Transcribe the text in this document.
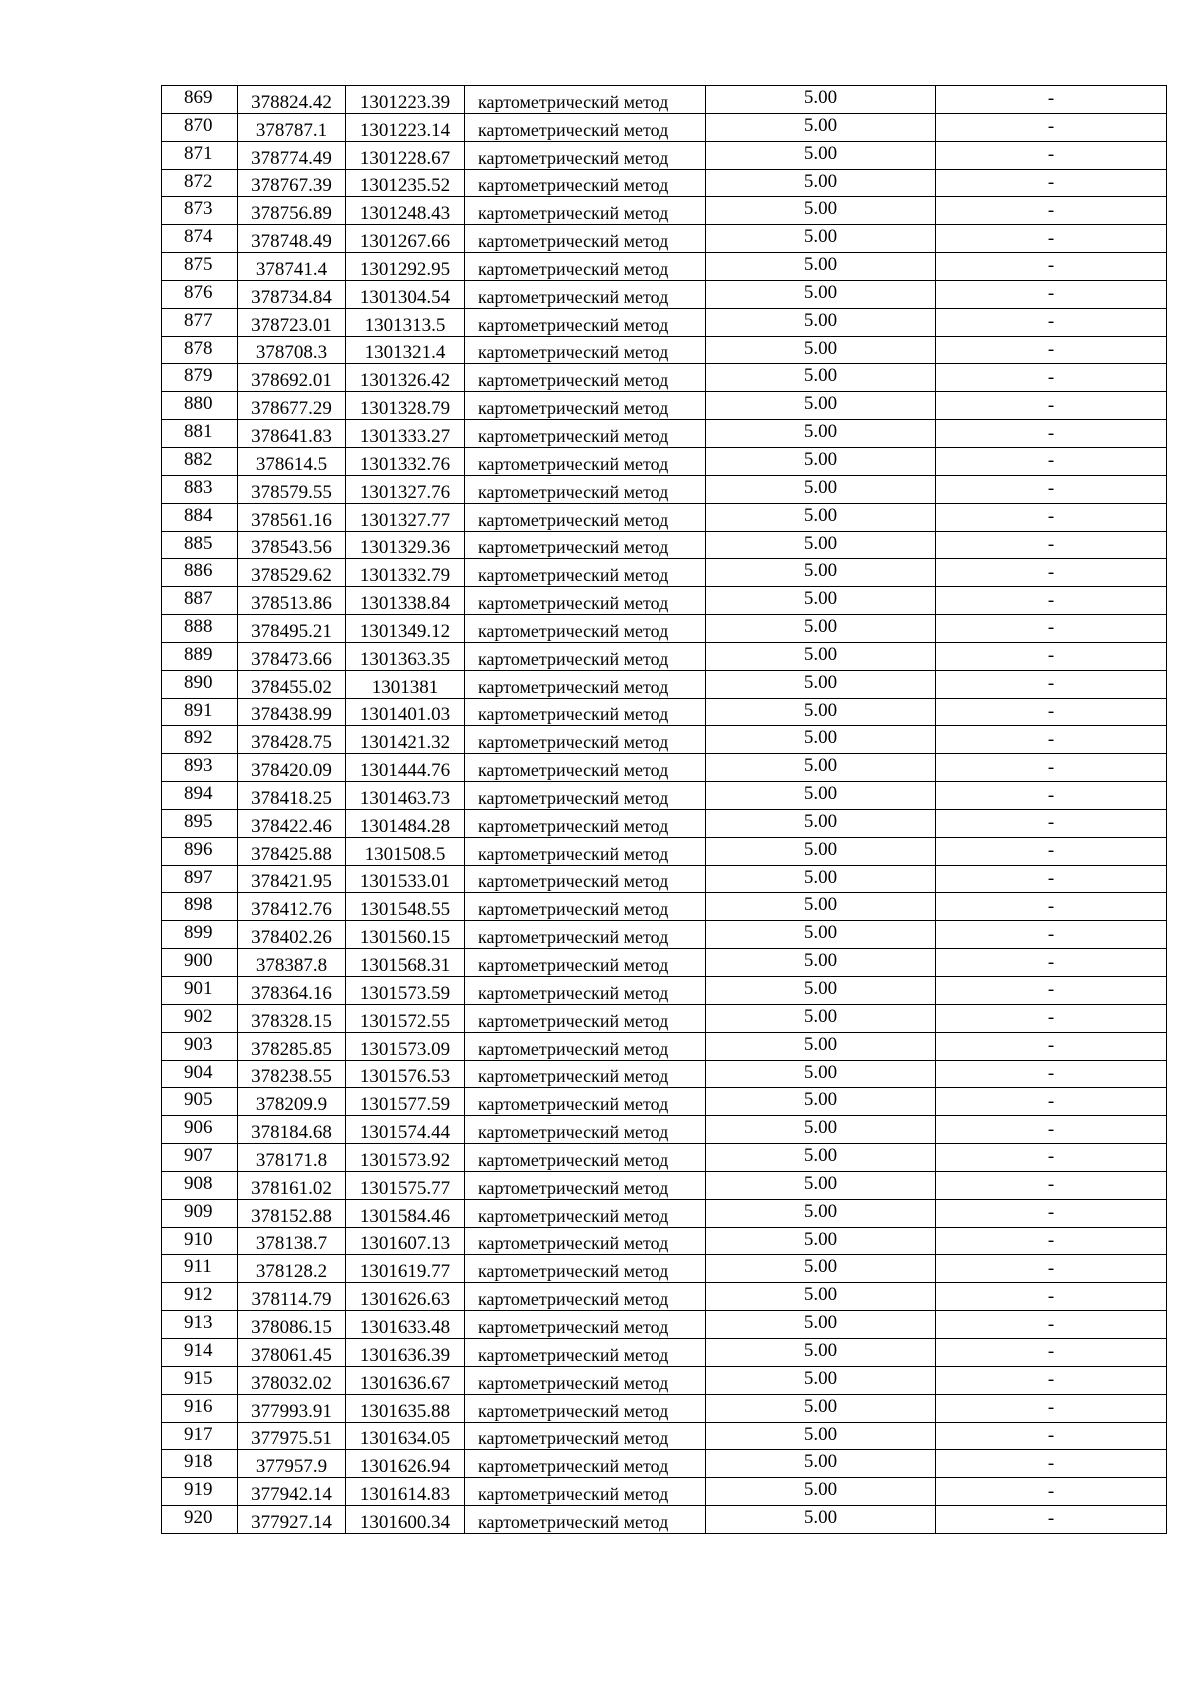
869	378824.42	1301223.39	картометрический метод	5.00	-
870	378787.1	1301223.14	картометрический метод	5.00	-
871	378774.49	1301228.67	картометрический метод	5.00	-
872	378767.39	1301235.52	картометрический метод	5.00	-
873	378756.89	1301248.43	картометрический метод	5.00	-
874	378748.49	1301267.66	картометрический метод	5.00	-
875	378741.4	1301292.95	картометрический метод	5.00	-
876	378734.84	1301304.54	картометрический метод	5.00	-
877	378723.01	1301313.5	картометрический метод	5.00	-
878	378708.3	1301321.4	картометрический метод	5.00	-
879	378692.01	1301326.42	картометрический метод	5.00	-
880	378677.29	1301328.79	картометрический метод	5.00	-
881	378641.83	1301333.27	картометрический метод	5.00	-
882	378614.5	1301332.76	картометрический метод	5.00	-
883	378579.55	1301327.76	картометрический метод	5.00	-
884	378561.16	1301327.77	картометрический метод	5.00	-
885	378543.56	1301329.36	картометрический метод	5.00	-
886	378529.62	1301332.79	картометрический метод	5.00	-
887	378513.86	1301338.84	картометрический метод	5.00	-
888	378495.21	1301349.12	картометрический метод	5.00	-
889	378473.66	1301363.35	картометрический метод	5.00	-
890	378455.02	1301381	картометрический метод	5.00	-
891	378438.99	1301401.03	картометрический метод	5.00	-
892	378428.75	1301421.32	картометрический метод	5.00	-
893	378420.09	1301444.76	картометрический метод	5.00	-
894	378418.25	1301463.73	картометрический метод	5.00	-
895	378422.46	1301484.28	картометрический метод	5.00	-
896	378425.88	1301508.5	картометрический метод	5.00	-
897	378421.95	1301533.01	картометрический метод	5.00	-
898	378412.76	1301548.55	картометрический метод	5.00	-
899	378402.26	1301560.15	картометрический метод	5.00	-
900	378387.8	1301568.31	картометрический метод	5.00	-
901	378364.16	1301573.59	картометрический метод	5.00	-
902	378328.15	1301572.55	картометрический метод	5.00	-
903	378285.85	1301573.09	картометрический метод	5.00	-
904	378238.55	1301576.53	картометрический метод	5.00	-
905	378209.9	1301577.59	картометрический метод	5.00	-
906	378184.68	1301574.44	картометрический метод	5.00	-
907	378171.8	1301573.92	картометрический метод	5.00	-
908	378161.02	1301575.77	картометрический метод	5.00	-
909	378152.88	1301584.46	картометрический метод	5.00	-
910	378138.7	1301607.13	картометрический метод	5.00	-
911	378128.2	1301619.77	картометрический метод	5.00	-
912	378114.79	1301626.63	картометрический метод	5.00	-
913	378086.15	1301633.48	картометрический метод	5.00	-
914	378061.45	1301636.39	картометрический метод	5.00	-
915	378032.02	1301636.67	картометрический метод	5.00	-
916	377993.91	1301635.88	картометрический метод	5.00	-
917	377975.51	1301634.05	картометрический метод	5.00	-
918	377957.9	1301626.94	картометрический метод	5.00	-
919	377942.14	1301614.83	картометрический метод	5.00	-
920	377927.14	1301600.34	картометрический метод	5.00	-
